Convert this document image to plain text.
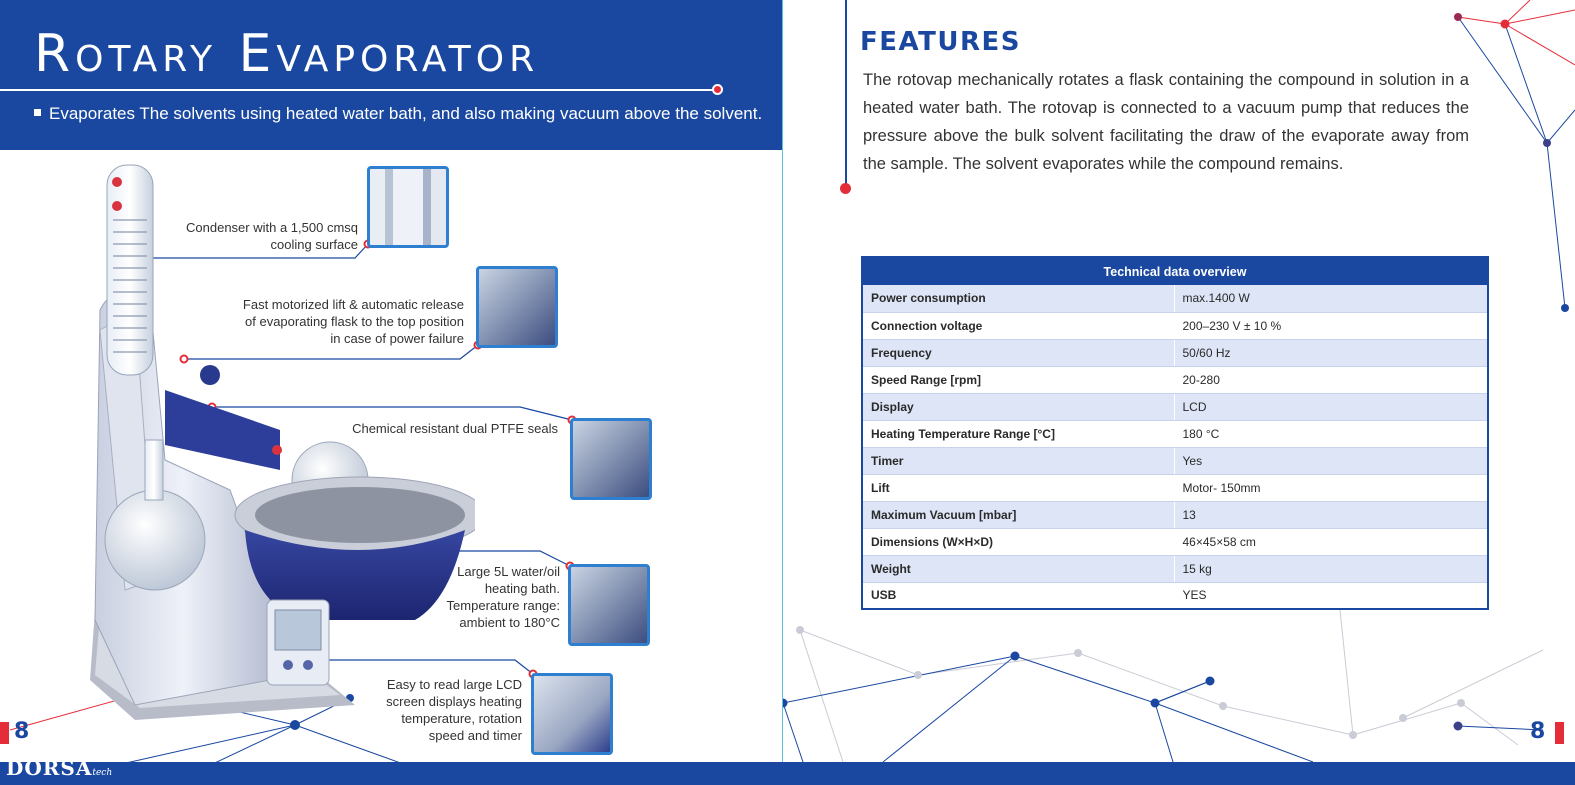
Rotary Evaporator
Evaporates The solvents using heated water bath, and also making vacuum above the solvent.
Condenser with a 1,500 cmsq cooling surface
Fast motorized lift & automatic release of evaporating flask to the top position in case of power failure
Chemical resistant dual PTFE seals
Large 5L water/oil heating bath. Temperature range: ambient to 180°C
Easy to read large LCD screen displays heating temperature, rotation speed and timer
8
FEATURES
The rotovap mechanically rotates a flask containing the compound in solution in a heated water bath. The rotovap is connected to a vacuum pump that reduces the pressure above the bulk solvent facilitating the draw of the evaporate away from the sample. The solvent evaporates while the compound remains.
Technical data overview	
Power consumption	max.1400 W
Connection voltage	200–230 V ± 10 %
Frequency	50/60 Hz
Speed Range [rpm]	20-280
Display	LCD
Heating Temperature Range [°C]	180 °C
Timer	Yes
Lift	Motor- 150mm
Maximum Vacuum [mbar]	13
Dimensions (W×H×D)	46×45×58 cm
Weight	15 kg
USB	YES
8
DORSAtech
